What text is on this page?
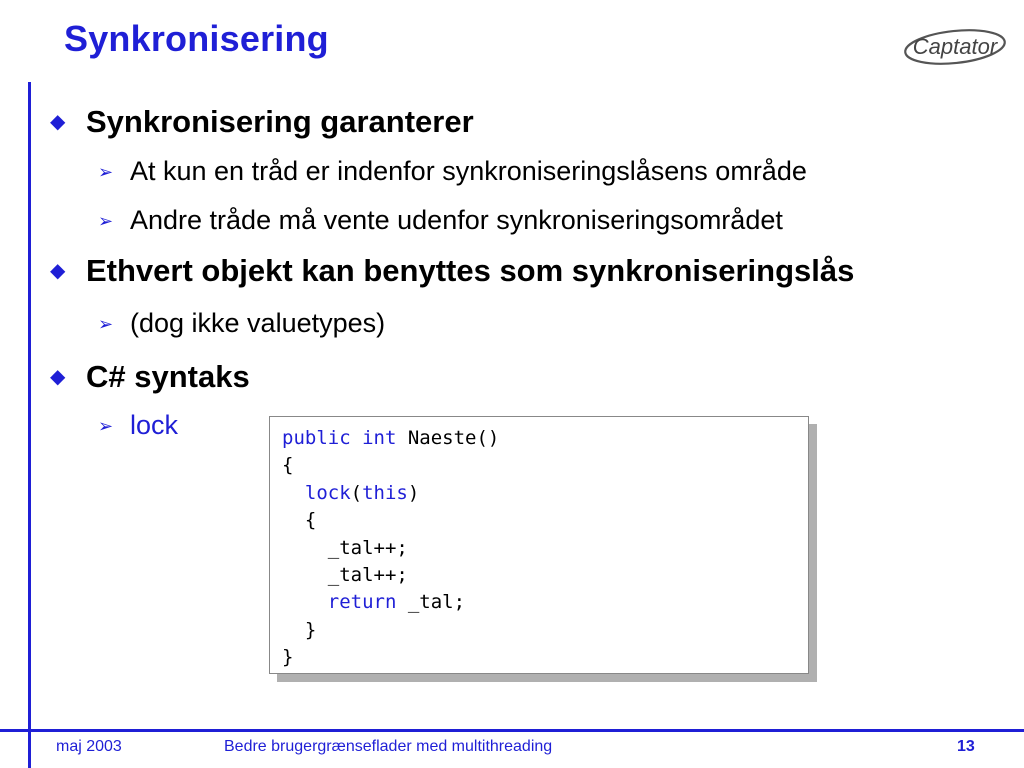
Synkronisering	Captator
◆ Synkronisering garanterer
➢ At kun en tråd er indenfor synkroniseringslåsens område
➢ Andre tråde må vente udenfor synkroniseringsområdet
◆ Ethvert objekt kan benyttes som synkroniseringslås
➢ (dog ikke valuetypes)
◆ C# syntaks
➢ lock	public int Naeste()
{
lock(this)
{
_tal++;
_tal++;
return _tal;
}
}
maj 2003	Bedre brugergrænseflader med multithreading	13
